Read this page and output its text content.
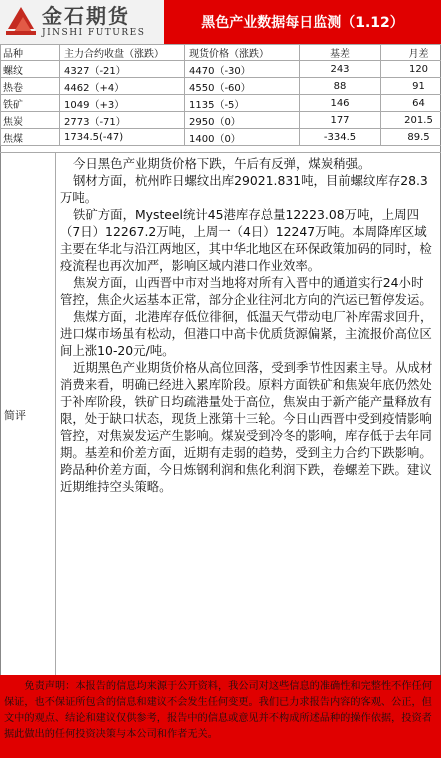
金石期货
JINSHI FUTURES
黑色产业数据每日监测（1.12）
品种	主力合约收盘（涨跌）	现货价格（涨跌）	基差	月差
螺纹	4327（-21）	4470（-30）	243	120
热卷	4462（+4）	4550（-60）	88	91
铁矿	1049（+3）	1135（-5）	146	64
焦炭	2773（-71）	2950（0）	177	201.5
焦煤	1734.5(-47)	1400（0）	-334.5	89.5
简评

今日黑色产业期货价格下跌，午后有反弹，煤炭稍强。

钢材方面，杭州昨日螺纹出库29021.831吨，目前螺纹库存28.3万吨。

铁矿方面，Mysteel统计45港库存总量12223.08万吨，上周四（7日）12267.2万吨，上周一（4日）12247万吨。本周降库区域主要在华北与沿江两地区，其中华北地区在环保政策加码的同时，检疫流程也再次加严，影响区域内港口作业效率。

焦炭方面，山西晋中市对当地将对所有入晋中的通道实行24小时管控，焦企火运基本正常，部分企业往河北方向的汽运已暂停发运。

焦煤方面，北港库存低位徘徊，低温天气带动电厂补库需求回升，进口煤市场虽有松动，但港口中高卡优质货源偏紧，主流报价高位区间上涨10-20元/吨。

近期黑色产业期货价格从高位回落，受到季节性因素主导。从成材消费来看，明确已经进入累库阶段。原料方面铁矿和焦炭年底仍然处于补库阶段，铁矿日均疏港量处于高位，焦炭由于新产能产量释放有限，处于缺口状态，现货上涨第十三轮。今日山西晋中受到疫情影响管控，对焦炭发运产生影响。煤炭受到冷冬的影响，库存低于去年同期。基差和价差方面，近期有走弱的趋势，受到主力合约下跌影响。跨品种价差方面，今日炼钢利润和焦化利润下跌，卷螺差下跌。建议近期维持空头策略。

免责声明：本报告的信息均来源于公开资料，我公司对这些信息的准确性和完整性不作任何保证，也不保证所包含的信息和建议不会发生任何变更。我们已力求报告内容的客观、公正，但文中的观点、结论和建议仅供参考，报告中的信息或意见并不构成所述品种的操作依据，投资者据此做出的任何投资决策与本公司和作者无关。
